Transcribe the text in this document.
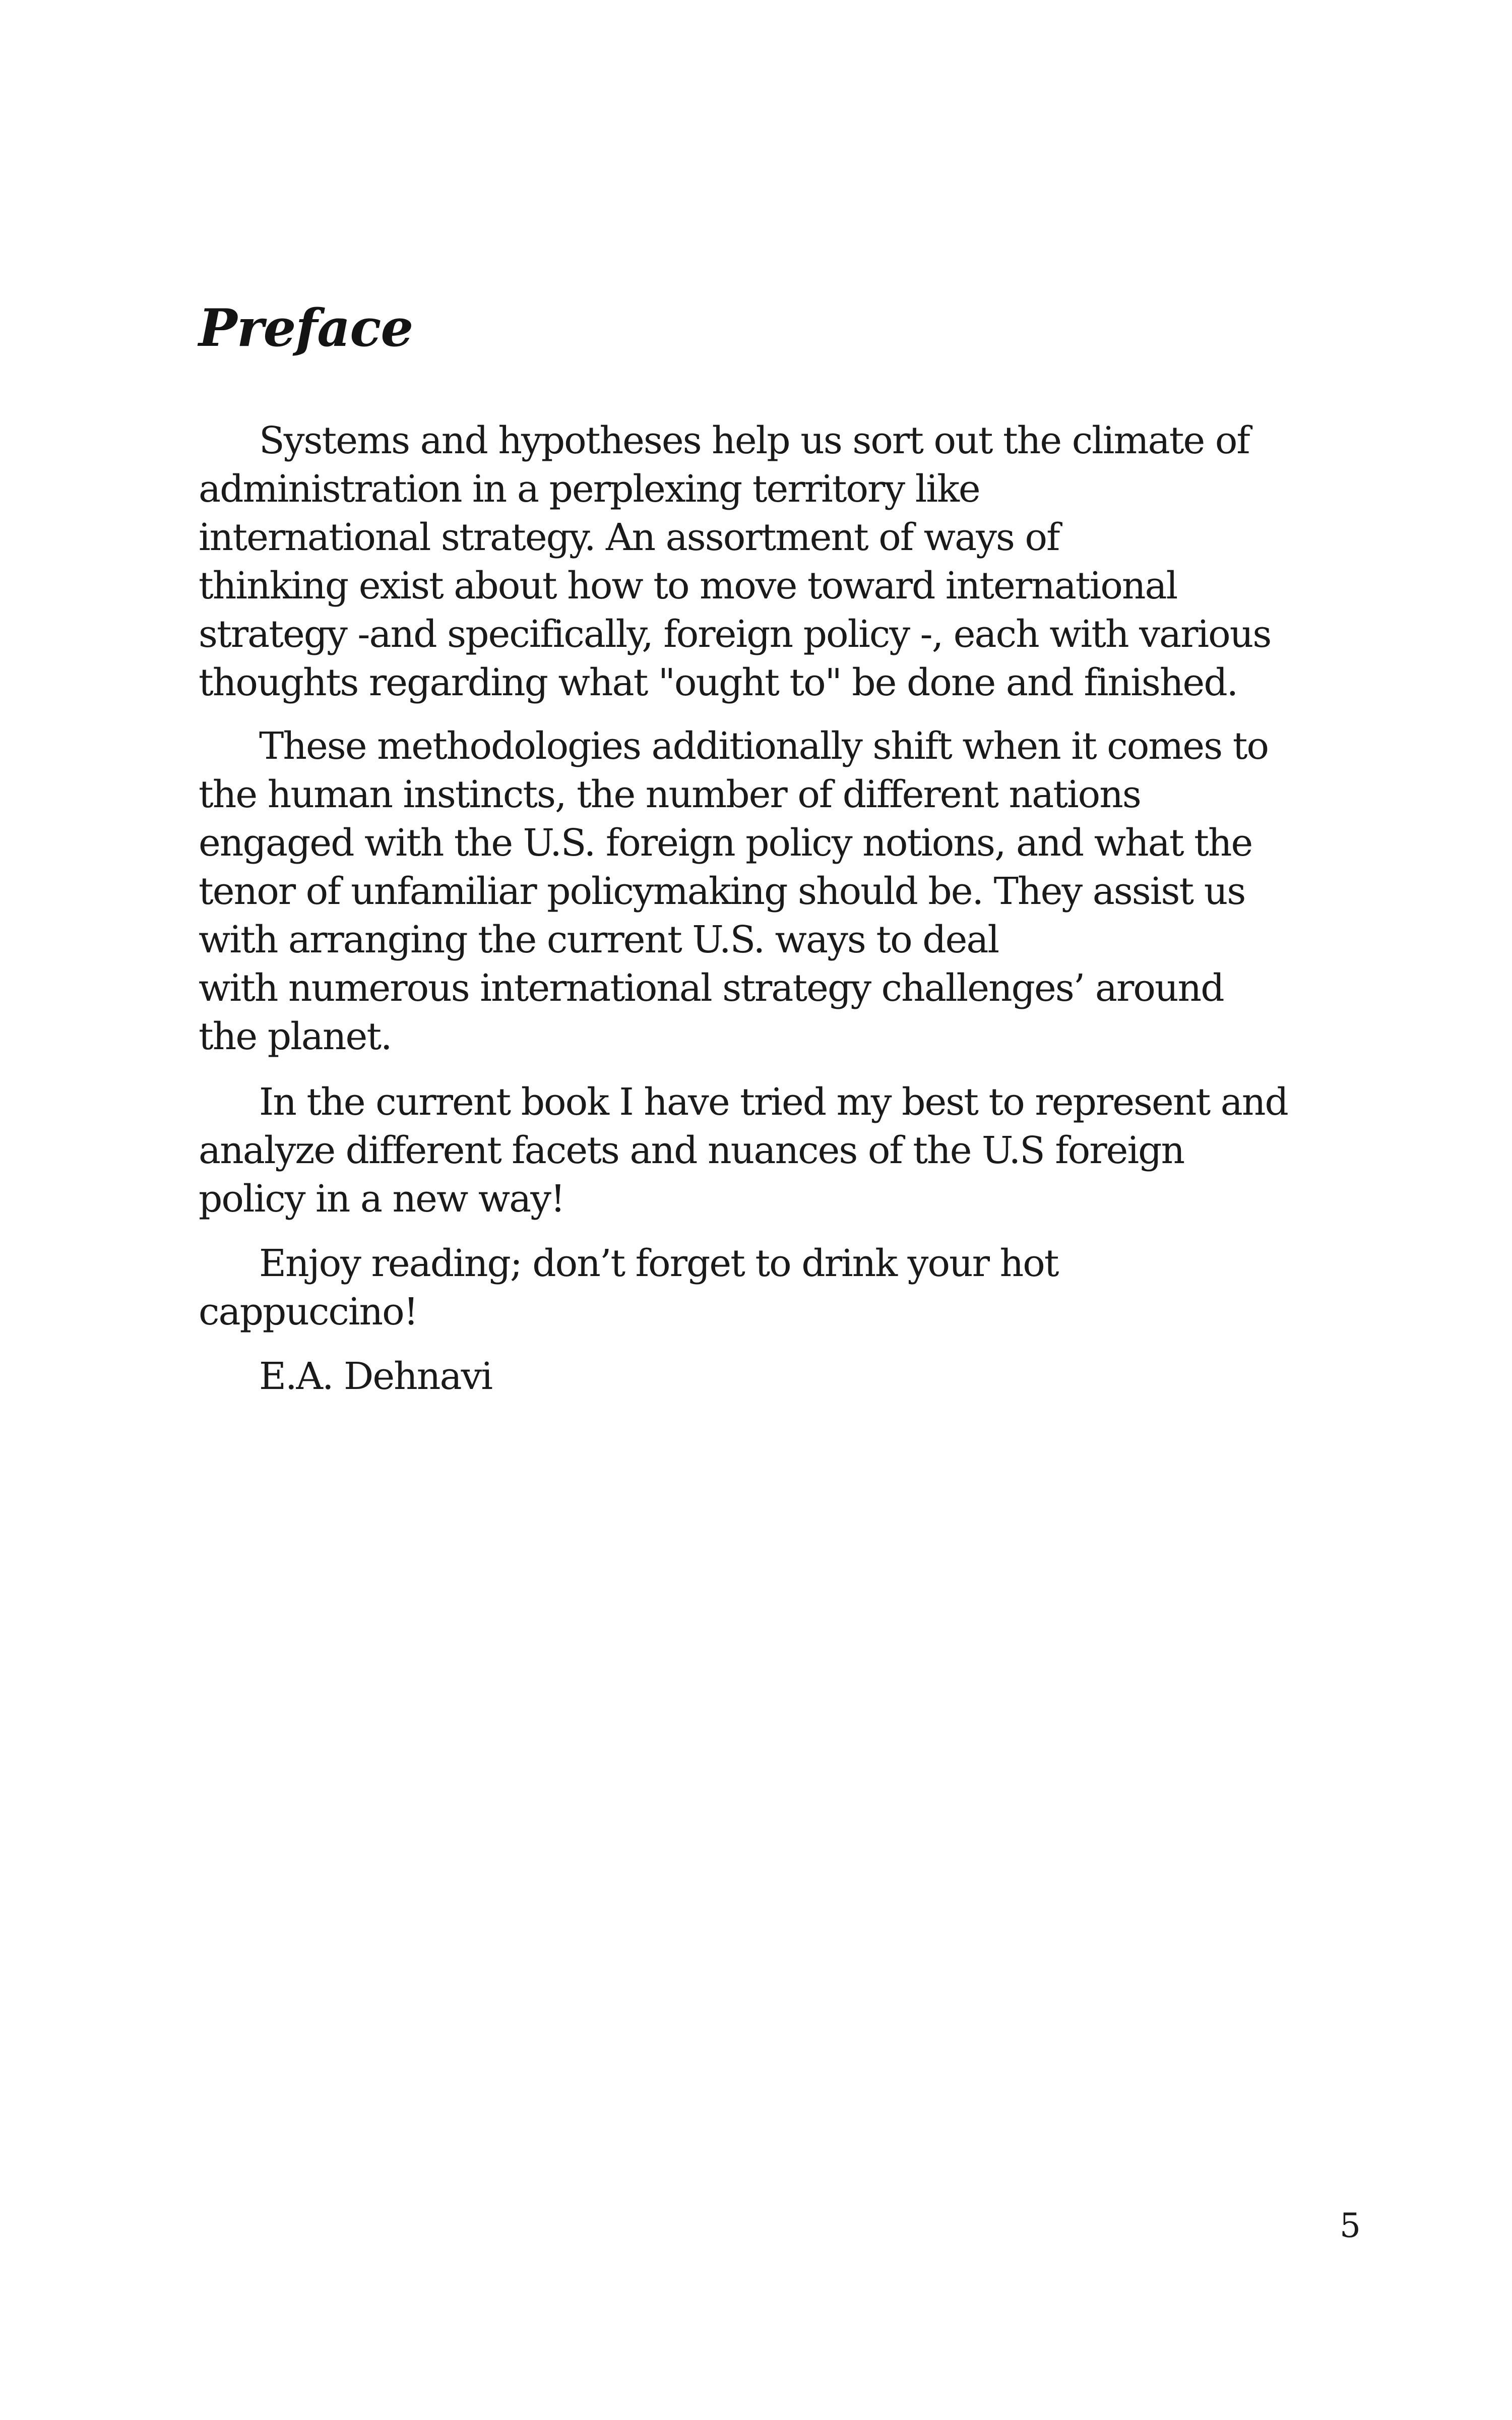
Preface

Systems and hypotheses help us sort out the climate of
administration in a perplexing territory like
international strategy. An assortment of ways of
thinking exist about how to move toward international
strategy -and specifically, foreign policy -, each with various
thoughts regarding what "ought to" be done and finished.

These methodologies additionally shift when it comes to
the human instincts, the number of different nations
engaged with the U.S. foreign policy notions, and what the
tenor of unfamiliar policymaking should be. They assist us
with arranging the current U.S. ways to deal
with numerous international strategy challenges’ around
the planet.

In the current book I have tried my best to represent and
analyze different facets and nuances of the U.S foreign
policy in a new way!

Enjoy reading; don’t forget to drink your hot
cappuccino!

E.A. Dehnavi

5
